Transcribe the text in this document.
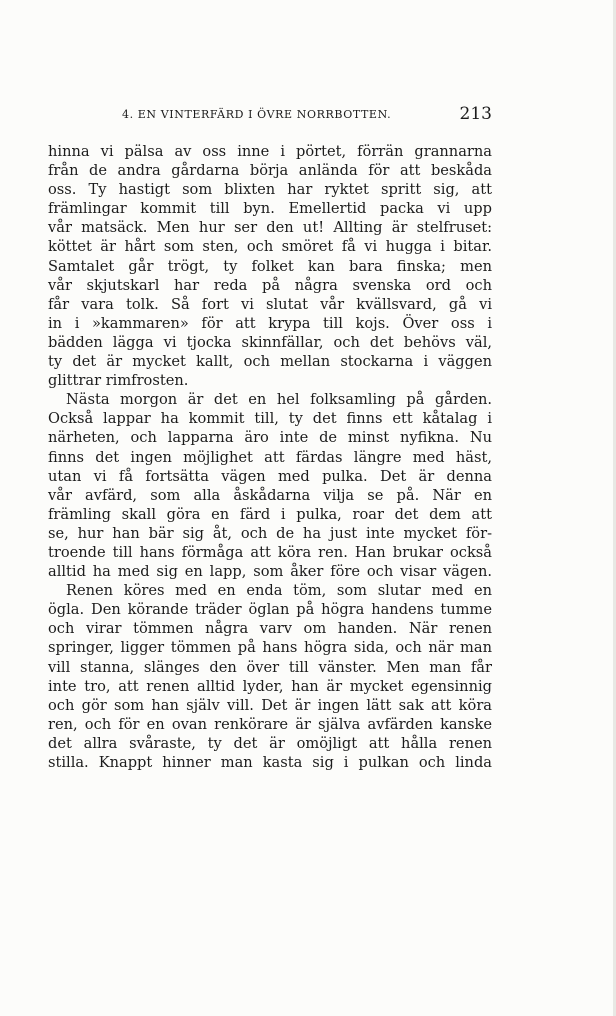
4. EN VINTERFÄRD I ÖVRE NORRBOTTEN.	213
hinna vi pälsa av oss inne i pörtet, förrän grannarna
från de andra gårdarna börja anlända för att beskåda
oss. Ty hastigt som blixten har ryktet spritt sig, att
främlingar kommit till byn. Emellertid packa vi upp
vår matsäck. Men hur ser den ut! Allting är stelfruset:
köttet är hårt som sten, och smöret få vi hugga i bitar.
Samtalet går trögt, ty folket kan bara finska; men
vår skjutskarl har reda på några svenska ord och
får vara tolk. Så fort vi slutat vår kvällsvard, gå vi
in i »kammaren» för att krypa till kojs. Över oss i
bädden lägga vi tjocka skinnfällar, och det behövs väl,
ty det är mycket kallt, och mellan stockarna i väggen
glittrar rimfrosten.
Nästa morgon är det en hel folksamling på gården.
Också lappar ha kommit till, ty det finns ett kåtalag i
närheten, och lapparna äro inte de minst nyfikna. Nu
finns det ingen möjlighet att färdas längre med häst,
utan vi få fortsätta vägen med pulka. Det är denna
vår avfärd, som alla åskådarna vilja se på. När en
främling skall göra en färd i pulka, roar det dem att
se, hur han bär sig åt, och de ha just inte mycket för-
troende till hans förmåga att köra ren. Han brukar också
alltid ha med sig en lapp, som åker före och visar vägen.
Renen köres med en enda töm, som slutar med en
ögla. Den körande träder öglan på högra handens tumme
och virar tömmen några varv om handen. När renen
springer, ligger tömmen på hans högra sida, och när man
vill stanna, slänges den över till vänster. Men man får
inte tro, att renen alltid lyder, han är mycket egensinnig
och gör som han själv vill. Det är ingen lätt sak att köra
ren, och för en ovan renkörare är själva avfärden kanske
det allra svåraste, ty det är omöjligt att hålla renen
stilla. Knappt hinner man kasta sig i pulkan och linda
